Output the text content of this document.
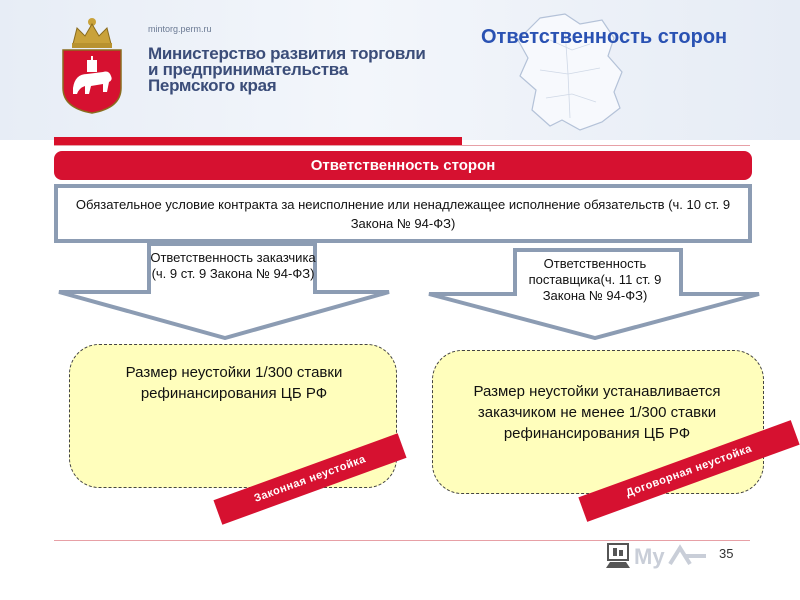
mintorg.perm.ru
Министерство развития торговли
и предпринимательства
Пермского края
Ответственность сторон
Ответственность сторон
Обязательное условие контракта за неисполнение или ненадлежащее исполнение обязательств (ч. 10 ст. 9 Закона № 94-ФЗ)
Ответственность заказчика
(ч. 9 ст. 9 Закона № 94-ФЗ)
Ответственность поставщика(ч. 11 ст. 9 Закона № 94-ФЗ)
Размер неустойки 1/300 ставки рефинансирования ЦБ РФ	Размер неустойки устанавливается заказчиком не менее 1/300 ставки рефинансирования ЦБ РФ
Законная неустойка	Договорная неустойка
My	35
